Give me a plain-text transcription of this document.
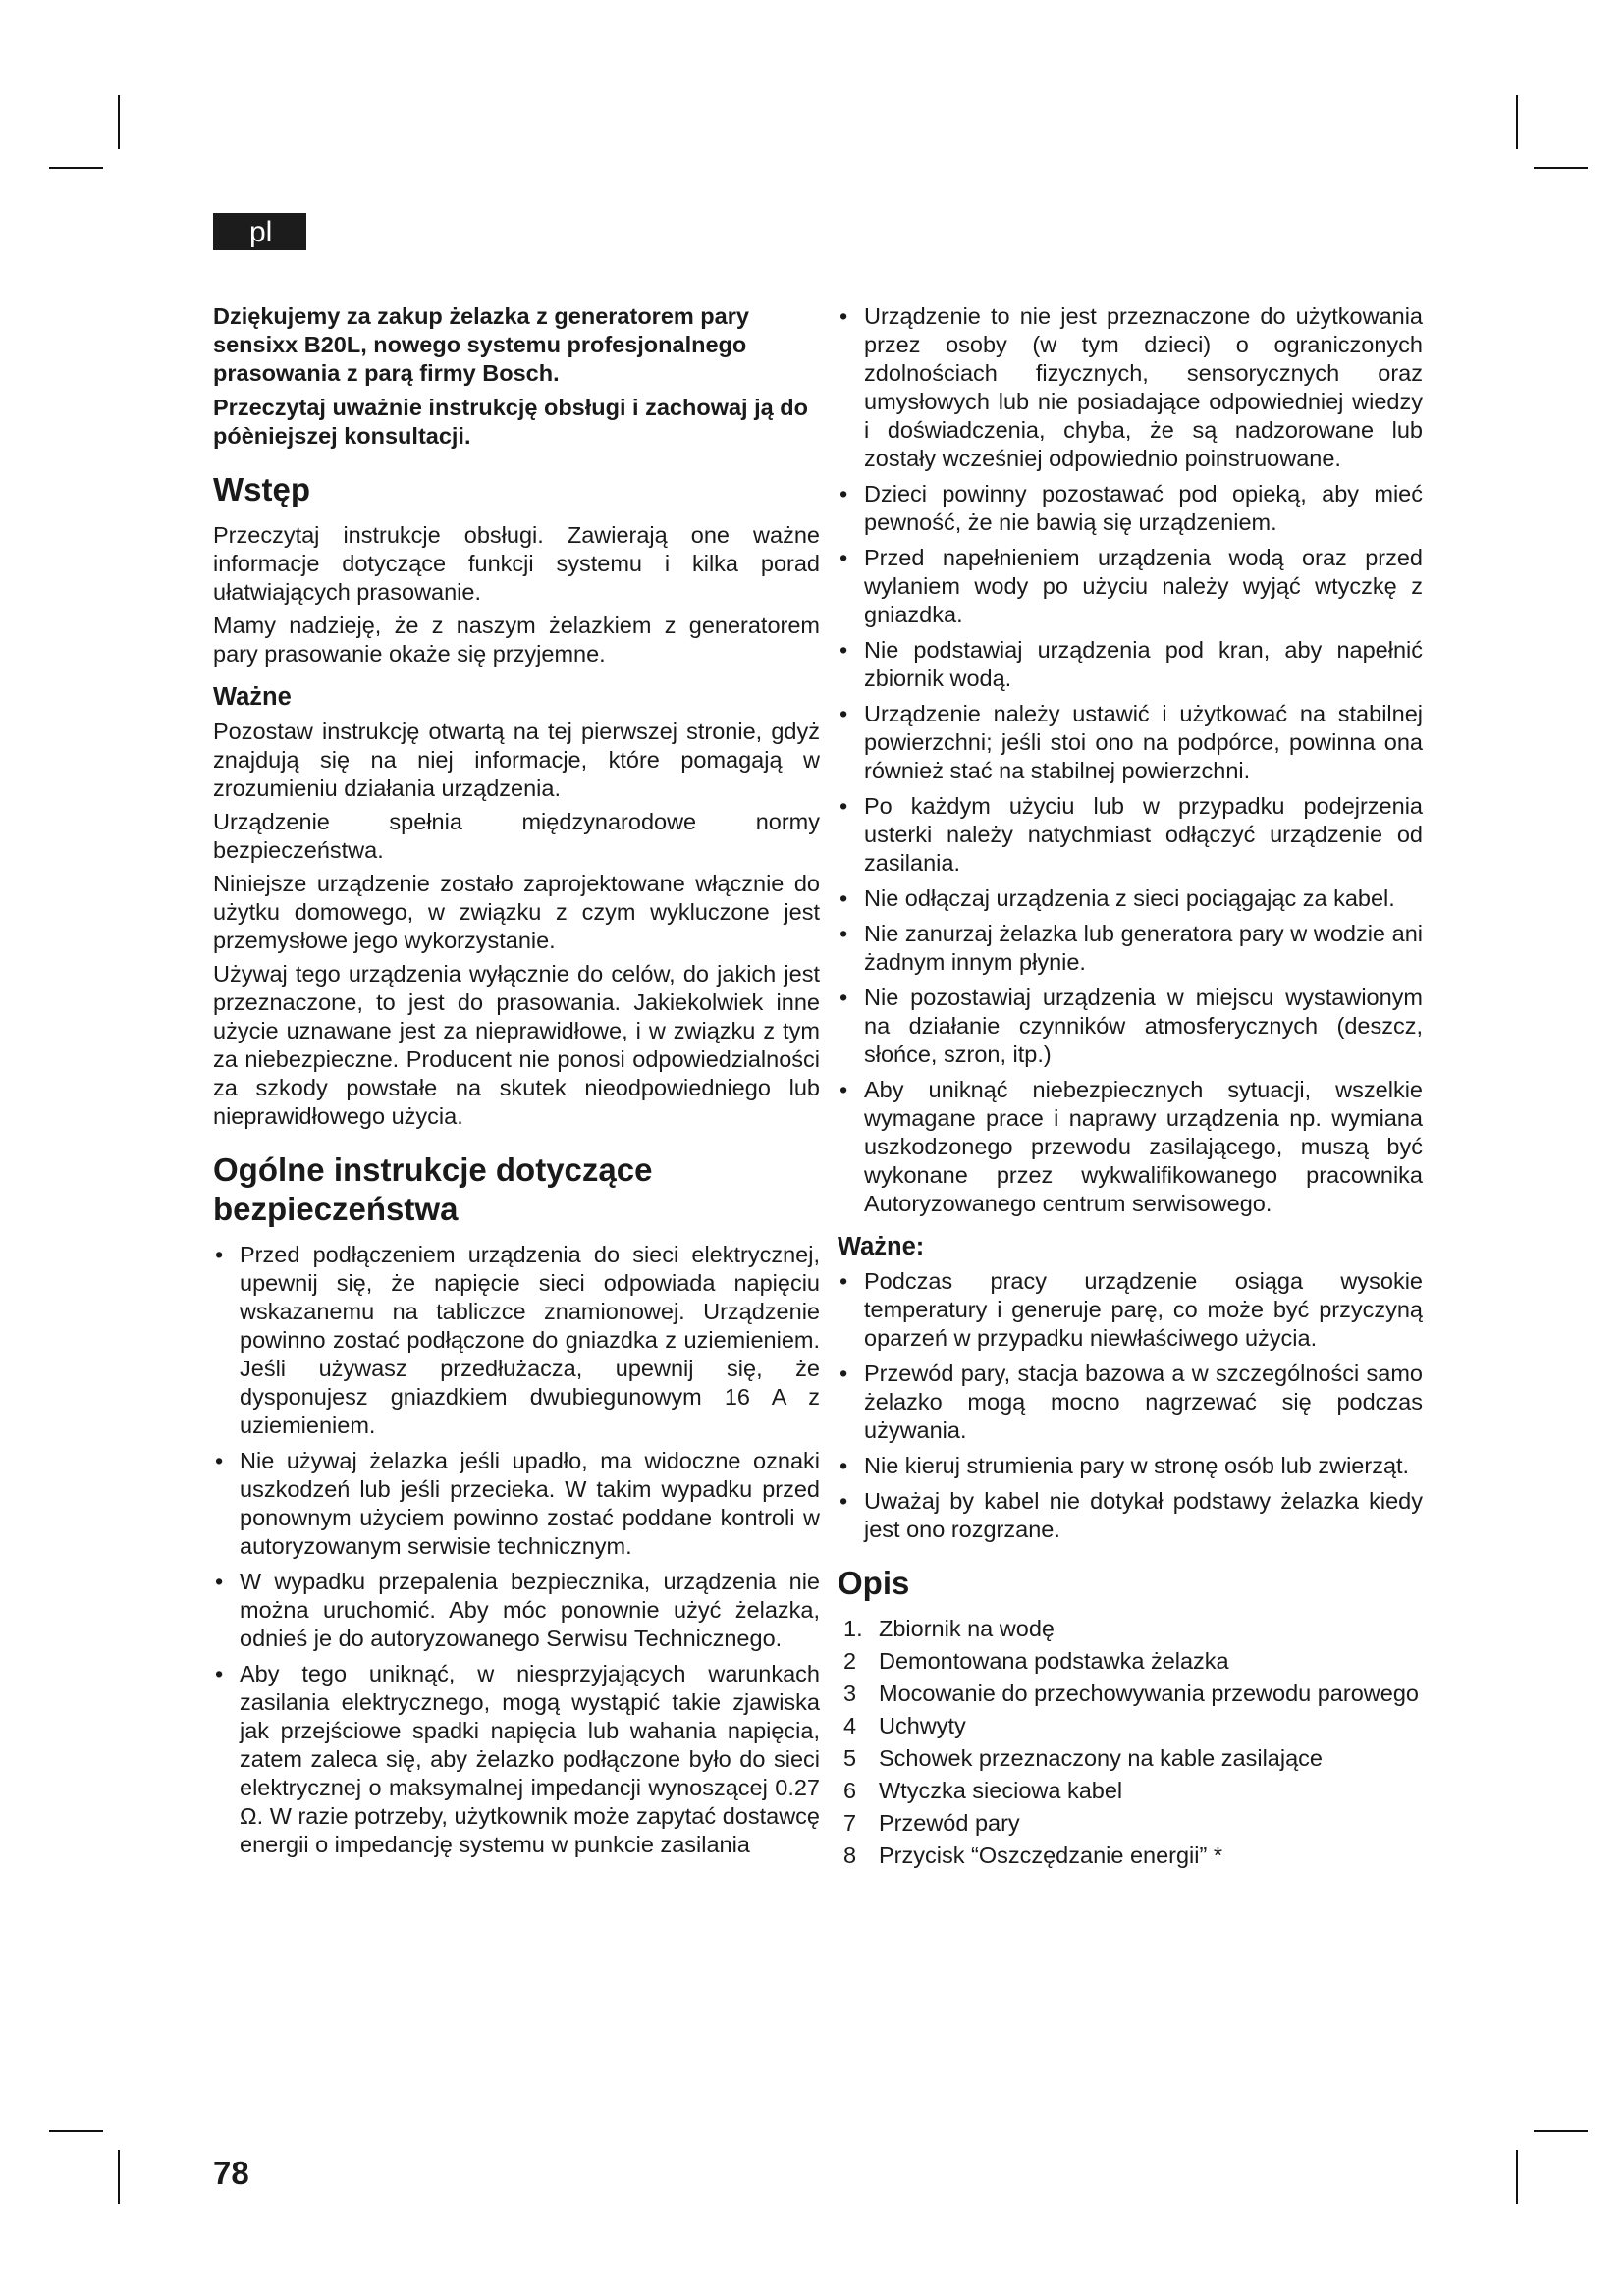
pl

Dziękujemy za zakup żelazka z generatorem pary sensixx B20L, nowego systemu profesjonalnego prasowania z parą firmy Bosch.

Przeczytaj uważnie instrukcję obsługi i zachowaj ją do póèniejszej konsultacji.

Wstęp

Przeczytaj instrukcje obsługi. Zawierają one ważne informacje dotyczące funkcji systemu i kilka porad ułatwiających prasowanie.

Mamy nadzieję, że z naszym żelazkiem z generatorem pary prasowanie okaże się przyjemne.

Ważne

Pozostaw instrukcję otwartą na tej pierwszej stronie, gdyż znajdują się na niej informacje, które pomagają w zrozumieniu działania urządzenia.

Urządzenie spełnia międzynarodowe normy bezpieczeństwa.

Niniejsze urządzenie zostało zaprojektowane włącznie do użytku domowego, w związku z czym wykluczone jest przemysłowe jego wykorzystanie.

Używaj tego urządzenia wyłącznie do celów, do jakich jest przeznaczone, to jest do prasowania. Jakiekolwiek inne użycie uznawane jest za nieprawidłowe, i w związku z tym za niebezpieczne. Producent nie ponosi odpowiedzialności za szkody powstałe na skutek nieodpowiedniego lub nieprawidłowego użycia.

Ogólne instrukcje dotyczące bezpieczeństwa
• Przed podłączeniem urządzenia do sieci elektrycznej, upewnij się, że napięcie sieci odpowiada napięciu wskazanemu na tabliczce znamionowej. Urządzenie powinno zostać podłączone do gniazdka z uziemieniem. Jeśli używasz przedłużacza, upewnij się, że dysponujesz gniazdkiem dwubiegunowym 16 A z uziemieniem.
• Nie używaj żelazka jeśli upadło, ma widoczne oznaki uszkodzeń lub jeśli przecieka. W takim wypadku przed ponownym użyciem powinno zostać poddane kontroli w autoryzowanym serwisie technicznym.
• W wypadku przepalenia bezpiecznika, urządzenia nie można uruchomić. Aby móc ponownie użyć żelazka, odnieś je do autoryzowanego Serwisu Technicznego.
• Aby tego uniknąć, w niesprzyjających warunkach zasilania elektrycznego, mogą wystąpić takie zjawiska jak przejściowe spadki napięcia lub wahania napięcia, zatem zaleca się, aby żelazko podłączone było do sieci elektrycznej o maksymalnej impedancji wynoszącej 0.27 Ω. W razie potrzeby, użytkownik może zapytać dostawcę energii o impedancję systemu w punkcie zasilania
• Urządzenie to nie jest przeznaczone do użytkowania przez osoby (w tym dzieci) o ograniczonych zdolnościach fizycznych, sensorycznych oraz umysłowych lub nie posiadające odpowiedniej wiedzy i doświadczenia, chyba, że są nadzorowane lub zostały wcześniej odpowiednio poinstruowane.
• Dzieci powinny pozostawać pod opieką, aby mieć pewność, że nie bawią się urządzeniem.
• Przed napełnieniem urządzenia wodą oraz przed wylaniem wody po użyciu należy wyjąć wtyczkę z gniazdka.
• Nie podstawiaj urządzenia pod kran, aby napełnić zbiornik wodą.
• Urządzenie należy ustawić i użytkować na stabilnej powierzchni; jeśli stoi ono na podpórce, powinna ona również stać na stabilnej powierzchni.
• Po każdym użyciu lub w przypadku podejrzenia usterki należy natychmiast odłączyć urządzenie od zasilania.
• Nie odłączaj urządzenia z sieci pociągając za kabel.
• Nie zanurzaj żelazka lub generatora pary w wodzie ani żadnym innym płynie.
• Nie pozostawiaj urządzenia w miejscu wystawionym na działanie czynników atmosferycznych (deszcz, słońce, szron, itp.)
• Aby uniknąć niebezpiecznych sytuacji, wszelkie wymagane prace i naprawy urządzenia np. wymiana uszkodzonego przewodu zasilającego, muszą być wykonane przez wykwalifikowanego pracownika Autoryzowanego centrum serwisowego.
Ważne:
• Podczas pracy urządzenie osiąga wysokie temperatury i generuje parę, co może być przyczyną oparzeń w przypadku niewłaściwego użycia.
• Przewód pary, stacja bazowa a w szczególności samo żelazko mogą mocno nagrzewać się podczas używania.
• Nie kieruj strumienia pary w stronę osób lub zwierząt.
• Uważaj by kabel nie dotykał podstawy żelazka kiedy jest ono rozgrzane.
Opis
1. Zbiornik na wodę
2 Demontowana podstawka żelazka
3 Mocowanie do przechowywania przewodu parowego
4 Uchwyty
5 Schowek przeznaczony na kable zasilające
6 Wtyczka sieciowa kabel
7 Przewód pary
8 Przycisk “Oszczędzanie energii” *
78
